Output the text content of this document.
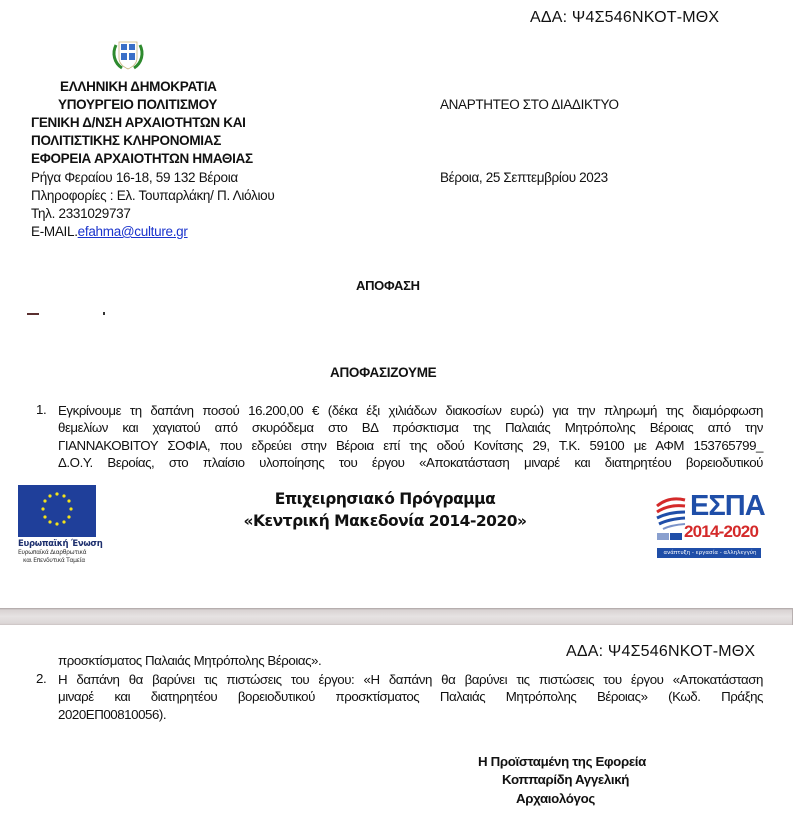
ΑΔΑ: Ψ4Σ546ΝΚΟΤ-ΜΘΧ
ΕΛΛΗΝΙΚΗ ΔΗΜΟΚΡΑΤΙΑ
ΥΠΟΥΡΓΕΙΟ ΠΟΛΙΤΙΣΜΟΥ
ΓΕΝΙΚΗ Δ/ΝΣΗ ΑΡΧΑΙΟΤΗΤΩΝ ΚΑΙ
ΠΟΛΙΤΙΣΤΙΚΗΣ ΚΛΗΡΟΝΟΜΙΑΣ
ΕΦΟΡΕΙΑ ΑΡΧΑΙΟΤΗΤΩΝ ΗΜΑΘΙΑΣ
Ρήγα Φεραίου 16-18, 59 132 Βέροια
Πληροφορίες : Ελ. Τουπαρλάκη/ Π. Λιόλιου
Τηλ. 2331029737
E-MAIL.efahma@culture.gr
ΑΝΑΡΤΗΤΕΟ ΣΤΟ ΔΙΑΔΙΚΤΥΟ
Βέροια, 25 Σεπτεμβρίου 2023
ΑΠΟΦΑΣΗ
ΑΠΟΦΑΣΙΖΟΥΜΕ
1. Εγκρίνουμε τη δαπάνη ποσού 16.200,00 € (δέκα έξι χιλιάδων διακοσίων ευρώ) για την πληρωμή της διαμόρφωση
θεμελίων και χαγιατού από σκυρόδεμα στο ΒΔ πρόσκτισμα της Παλαιάς Μητρόπολης Βέροιας από την
ΓΙΑΝΝΑΚΟΒΙΤΟΥ ΣΟΦΙΑ, που εδρεύει στην Βέροια επί της οδού Κονίτσης 29, Τ.Κ. 59100 με ΑΦΜ 153765799_
Δ.Ο.Υ. Βεροίας, στο πλαίσιο υλοποίησης του έργου «Αποκατάσταση μιναρέ και διατηρητέου βορειοδυτικού
Ευρωπαϊκή Ένωση
Ευρωπαϊκά Διαρθρωτικά
και Επενδυτικά Ταμεία
Επιχειρησιακό Πρόγραμμα
«Κεντρική Μακεδονία 2014-2020»	ΕΣΠΑ
2014-2020
ανάπτυξη - εργασία - αλληλεγγύη
ΑΔΑ: Ψ4Σ546ΝΚΟΤ-ΜΘΧ
προσκτίσματος Παλαιάς Μητρόπολης Βέροιας».
2. Η δαπάνη θα βαρύνει τις πιστώσεις του έργου: «Η δαπάνη θα βαρύνει τις πιστώσεις του έργου «Αποκατάσταση
μιναρέ και διατηρητέου βορειοδυτικού προσκτίσματος Παλαιάς Μητρόπολης Βέροιας» (Κωδ. Πράξης
2020ΕΠ00810056).
Η Προϊσταμένη της Εφορεία
Κοππαρίδη Αγγελική
Αρχαιολόγος
